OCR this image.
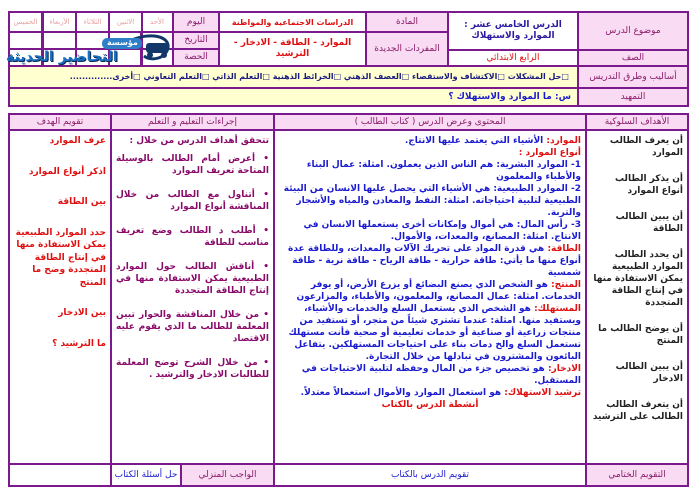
موضوع الدرس
الدرس الخامس عشر : الموارد والاستهلاك
الصف
الرابع الابتدائي
المادة
المفردات الجديدة
الدراسات الاجتماعية والمواطنة
الموارد - الطاقة - الادخار - الترشيد
اليوم
التاريخ
الحصة
الأحد
الاثنين
الثلاثاء
الأربعاء
الخميس
أساليب وطرق التدريس
□حل المشكلات □الاكتشاف والاستقصاء □العصف الذهني □الخرائط الذهنية □التعلم الذاتي □التعلم التعاوني □أخرى..............
التمهيد
س: ما الموارد والاستهلاك ؟
الأهداف السلوكية
المحتوى وعرض الدرس ( كتاب الطالب )
إجراءات التعليم و التعلم
تقويم الهدف

أن يعرف الطالب الموارد

أن يذكر الطالب أنواع الموارد

أن يبين الطالب الطاقة

أن يحدد الطالب الموارد الطبيعية يمكن الاستفادة منها في إنتاج الطاقة المتجددة

أن يوضح الطالب ما المنتج

أن يبين الطالب الادخار

أن يتعرف الطالب الطالب على الترشيد

الموارد: الأشياء التي يعتمد عليها الانتاج.

أنواع الموارد :

1- الموارد البشرية: هم الناس الذين يعملون. امثلة: عمال البناء والأطباء والمعلمون

2- الموارد الطبيعية: هي الأشياء التي يحصل عليها الانسان من البيئة الطبيعية لتلبية احتياجاته. امثلة: النفط والمعادن والمياه والأشجار والتربة.

3- رأس المال: هي أموال وإمكانات أخرى يستعملها الانسان في الانتاج. امثلة: المصانع، والمعدات، والأموال.

الطاقة: هي قدرة المواد على تحريك الآلات والمعدات، وللطاقة عدة أنواع منها ما يأتي: طاقة حرارية - طاقة الرياح - طاقة نرية - طاقة شمسية

المنتج: هو الشخص الذي يصنع البضائع أو يزرع الأرض، أو يوفر الخدمات. امثلة: عمال المصانع، والمعلمون، والأطباء، والمزارعون

المستهلك: هو الشخص الذي يستعمل السلع والخدمات والأشياء، ويستفيد منها. امثلة: عندما تشتري شيئاً من متجر، أو تستفيد من منتجات زراعية أو صناعية أو خدمات تعليمية أو صحية فأنت مستهلك تستعمل السلع والخ دمات بناء على احتياجات المستهلكين. يتفاعل البائعون والمشترون في تبادلها من خلال التجارة.

الادخار: هو تخصيص جزء من المال وحفظه لتلبية الاحتياجات في المستقبل.

ترشيد الاستهلاك: هو استعمال الموارد والأموال استعمالاً معتدلاً.

أنشطة الدرس بالكتاب

تتحقق أهداف الدرس من خلال :

• أعرض أمام الطالب بالوسيلة المتاحة تعريف الموارد

• أتناول مع الطالب من خلال المناقشة أنواع الموارد

• أطلب د الطالب وضع تعريف مناسب للطاقة

• أناقش الطالب حول الموارد الطبيعية يمكن الاستفادة منها في إنتاج الطاقة المتجددة

• من خلال المناقشة والحوار تبين المعلمة للطالب ما الذي يقوم عليه الاقتصاد

• من خلال الشرح توضح المعلمة للطالبات الادخار والترشيد .

عرف الموارد

اذكر أنواع الموارد

بين الطاقة

حدد الموارد الطبيعية يمكن الاستفادة منها في إنتاج الطاقة المتجددة وضح ما المنتج

بين الادخار

ما الترشيد ؟

التقويم الختامي
تقويم الدرس بالكتاب
الواجب المنزلي
حل أسئلة الكتاب
مؤسسة
التحاضير الحديثة
